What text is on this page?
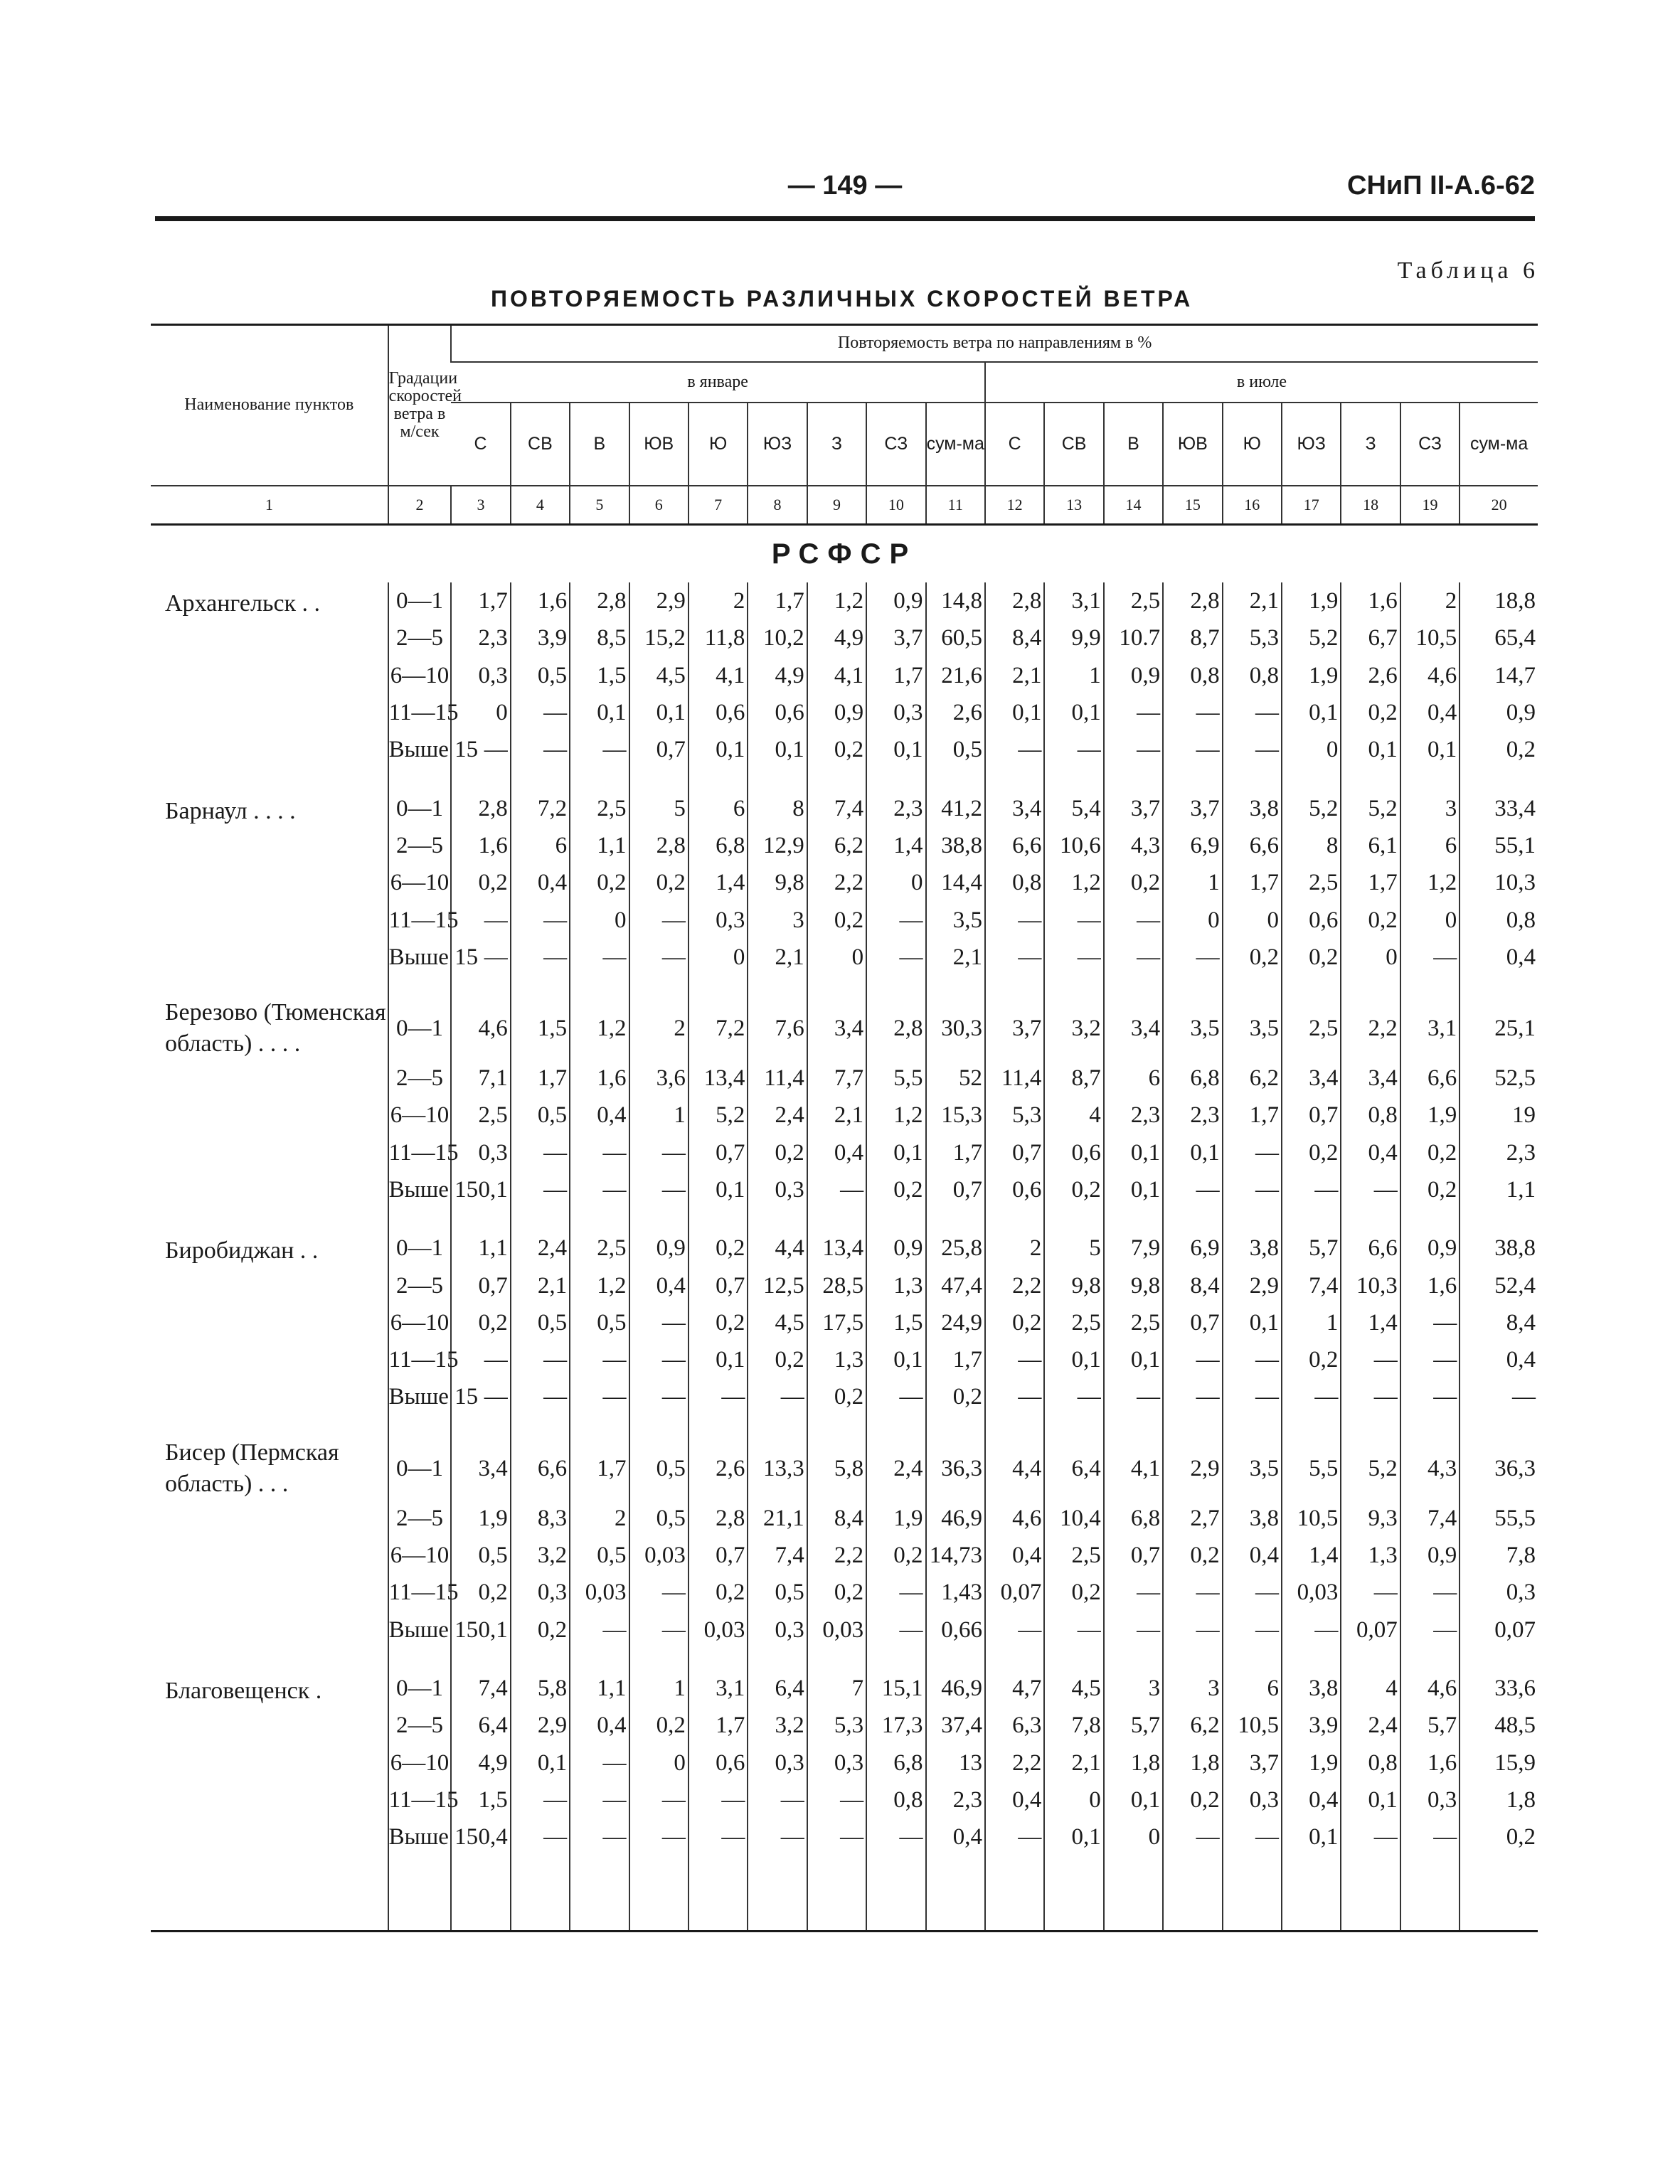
— 149 —	СНиП II-А.6-62
Таблица 6
ПОВТОРЯЕМОСТЬ РАЗЛИЧНЫХ СКОРОСТЕЙ ВЕТРА
Наименование пунктов	Градации скоростей ветра в м/сек	Повторяемость ветра по направлениям в %																	
		в январе									в июле								
		С	СВ	В	ЮВ	Ю	ЮЗ	З	СЗ	сум-ма	С	СВ	В	ЮВ	Ю	ЮЗ	З	СЗ	сум-ма
1	2	3	4	5	6	7	8	9	10	11	12	13	14	15	16	17	18	19	20

РСФСР																			

Архангельск . .	0—1	1,7	1,6	2,8	2,9	2	1,7	1,2	0,9	14,8	2,8	3,1	2,5	2,8	2,1	1,9	1,6	2	18,8
	2—5	2,3	3,9	8,5	15,2	11,8	10,2	4,9	3,7	60,5	8,4	9,9	10.7	8,7	5,3	5,2	6,7	10,5	65,4
	6—10	0,3	0,5	1,5	4,5	4,1	4,9	4,1	1,7	21,6	2,1	1	0,9	0,8	0,8	1,9	2,6	4,6	14,7
	11—15	0	—	0,1	0,1	0,6	0,6	0,9	0,3	2,6	0,1	0,1	—	—	—	0,1	0,2	0,4	0,9
	Выше 15	—	—	—	0,7	0,1	0,1	0,2	0,1	0,5	—	—	—	—	—	0	0,1	0,1	0,2

Барнаул . . . .	0—1	2,8	7,2	2,5	5	6	8	7,4	2,3	41,2	3,4	5,4	3,7	3,7	3,8	5,2	5,2	3	33,4
	2—5	1,6	6	1,1	2,8	6,8	12,9	6,2	1,4	38,8	6,6	10,6	4,3	6,9	6,6	8	6,1	6	55,1
	6—10	0,2	0,4	0,2	0,2	1,4	9,8	2,2	0	14,4	0,8	1,2	0,2	1	1,7	2,5	1,7	1,2	10,3
	11—15	—	—	0	—	0,3	3	0,2	—	3,5	—	—	—	0	0	0,6	0,2	0	0,8
	Выше 15	—	—	—	—	0	2,1	0	—	2,1	—	—	—	—	0,2	0,2	0	—	0,4

Березово (Тюменская область) . . . .	0—1	4,6	1,5	1,2	2	7,2	7,6	3,4	2,8	30,3	3,7	3,2	3,4	3,5	3,5	2,5	2,2	3,1	25,1
	2—5	7,1	1,7	1,6	3,6	13,4	11,4	7,7	5,5	52	11,4	8,7	6	6,8	6,2	3,4	3,4	6,6	52,5
	6—10	2,5	0,5	0,4	1	5,2	2,4	2,1	1,2	15,3	5,3	4	2,3	2,3	1,7	0,7	0,8	1,9	19
	11—15	0,3	—	—	—	0,7	0,2	0,4	0,1	1,7	0,7	0,6	0,1	0,1	—	0,2	0,4	0,2	2,3
	Выше 15	0,1	—	—	—	0,1	0,3	—	0,2	0,7	0,6	0,2	0,1	—	—	—	—	0,2	1,1

Биробиджан . .	0—1	1,1	2,4	2,5	0,9	0,2	4,4	13,4	0,9	25,8	2	5	7,9	6,9	3,8	5,7	6,6	0,9	38,8
	2—5	0,7	2,1	1,2	0,4	0,7	12,5	28,5	1,3	47,4	2,2	9,8	9,8	8,4	2,9	7,4	10,3	1,6	52,4
	6—10	0,2	0,5	0,5	—	0,2	4,5	17,5	1,5	24,9	0,2	2,5	2,5	0,7	0,1	1	1,4	—	8,4
	11—15	—	—	—	—	0,1	0,2	1,3	0,1	1,7	—	0,1	0,1	—	—	0,2	—	—	0,4
	Выше 15	—	—	—	—	—	—	0,2	—	0,2	—	—	—	—	—	—	—	—	—

Бисер (Пермская область) . . .	0—1	3,4	6,6	1,7	0,5	2,6	13,3	5,8	2,4	36,3	4,4	6,4	4,1	2,9	3,5	5,5	5,2	4,3	36,3
	2—5	1,9	8,3	2	0,5	2,8	21,1	8,4	1,9	46,9	4,6	10,4	6,8	2,7	3,8	10,5	9,3	7,4	55,5
	6—10	0,5	3,2	0,5	0,03	0,7	7,4	2,2	0,2	14,73	0,4	2,5	0,7	0,2	0,4	1,4	1,3	0,9	7,8
	11—15	0,2	0,3	0,03	—	0,2	0,5	0,2	—	1,43	0,07	0,2	—	—	—	0,03	—	—	0,3
	Выше 15	0,1	0,2	—	—	0,03	0,3	0,03	—	0,66	—	—	—	—	—	—	0,07	—	0,07

Благовещенск .	0—1	7,4	5,8	1,1	1	3,1	6,4	7	15,1	46,9	4,7	4,5	3	3	6	3,8	4	4,6	33,6
	2—5	6,4	2,9	0,4	0,2	1,7	3,2	5,3	17,3	37,4	6,3	7,8	5,7	6,2	10,5	3,9	2,4	5,7	48,5
	6—10	4,9	0,1	—	0	0,6	0,3	0,3	6,8	13	2,2	2,1	1,8	1,8	3,7	1,9	0,8	1,6	15,9
	11—15	1,5	—	—	—	—	—	—	0,8	2,3	0,4	0	0,1	0,2	0,3	0,4	0,1	0,3	1,8
	Выше 15	0,4	—	—	—	—	—	—	—	0,4	—	0,1	0	—	—	0,1	—	—	0,2
